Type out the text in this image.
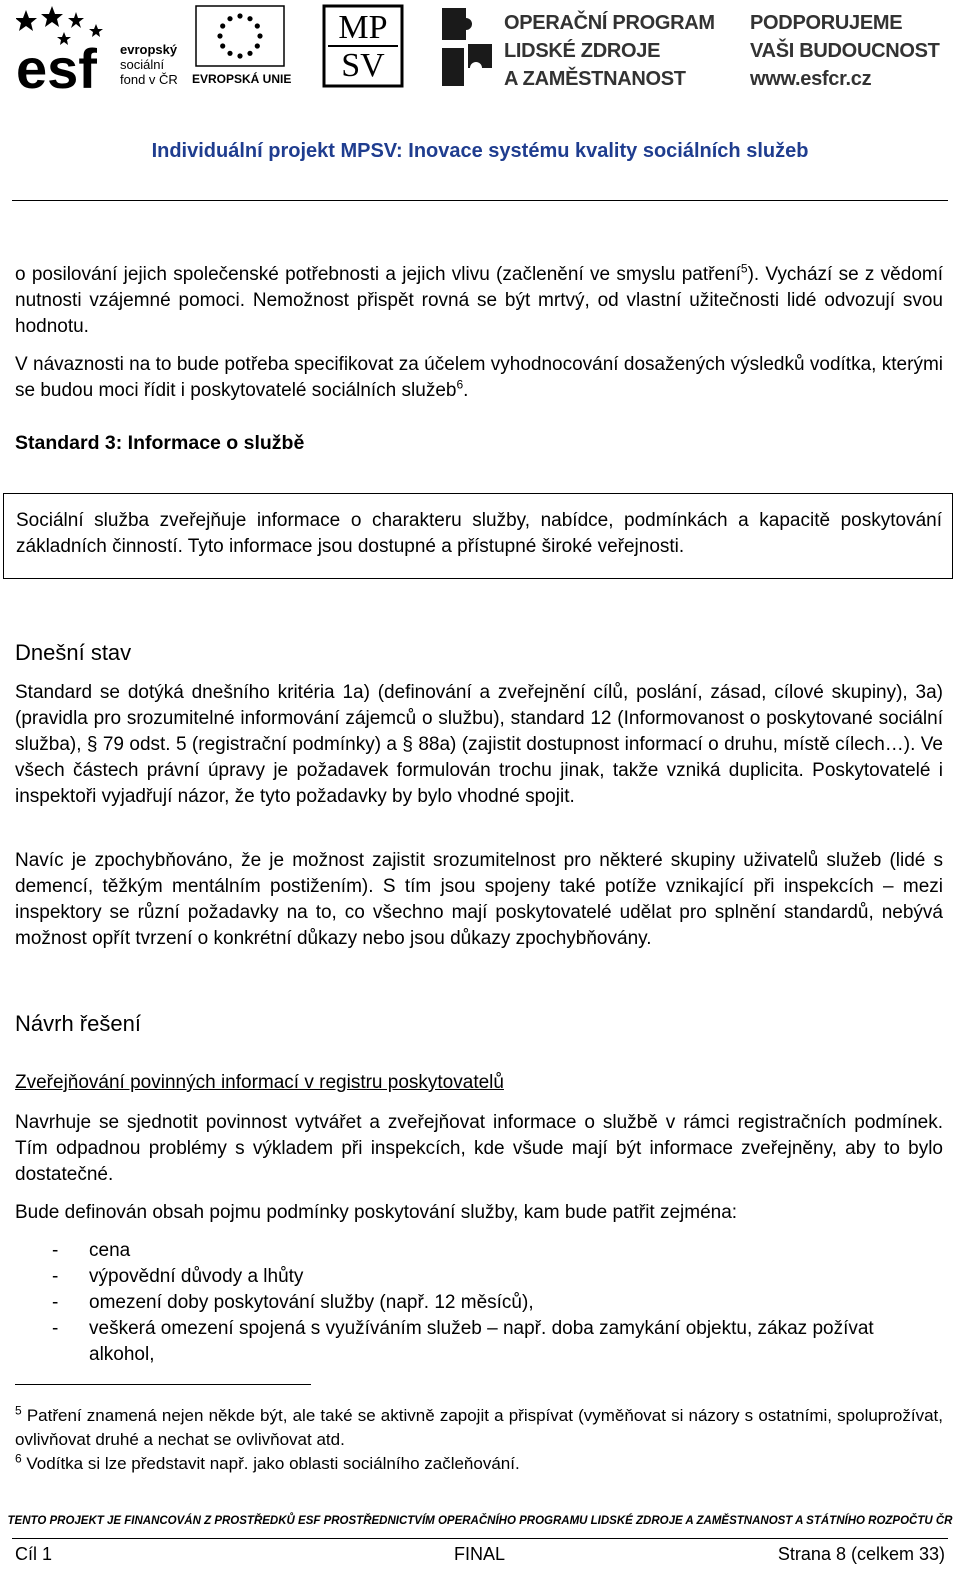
esf evropský
sociální
fond v ČR EVROPSKÁ UNIE
MP
SV
OPERAČNÍ PROGRAM
LIDSKÉ ZDROJE
A ZAMĚSTNANOST
PODPORUJEME
VAŠI BUDOUCNOST
www.esfcr.cz
Individuální projekt MPSV: Inovace systému kvality sociálních služeb
o posilování jejich společenské potřebnosti a jejich vlivu (začlenění ve smyslu patření$^5$). Vychází se z vědomí nutnosti vzájemné pomoci. Nemožnost přispět rovná se být mrtvý, od vlastní užitečnosti lidé odvozují svou hodnotu.
V návaznosti na to bude potřeba specifikovat za účelem vyhodnocování dosažených výsledků vodítka, kterými se budou moci řídit i poskytovatelé sociálních služeb$^6$.
Standard 3: Informace o službě
Sociální služba zveřejňuje informace o charakteru služby, nabídce, podmínkách a kapacitě poskytování základních činností. Tyto informace jsou dostupné a přístupné široké veřejnosti.
Dnešní stav
Standard se dotýká dnešního kritéria 1a) (definování a zveřejnění cílů, poslání, zásad, cílové skupiny), 3a) (pravidla pro srozumitelné informování zájemců o službu), standard 12 (Informovanost o poskytované sociální služba), § 79 odst. 5 (registrační podmínky) a § 88a) (zajistit dostupnost informací o druhu, místě cílech…). Ve všech částech právní úpravy je požadavek formulován trochu jinak, takže vzniká duplicita. Poskytovatelé i inspektoři vyjadřují názor, že tyto požadavky by bylo vhodné spojit.
Navíc je zpochybňováno, že je možnost zajistit srozumitelnost pro některé skupiny uživatelů služeb (lidé s demencí, těžkým mentálním postižením). S tím jsou spojeny také potíže vznikající při inspekcích – mezi inspektory se různí požadavky na to, co všechno mají poskytovatelé udělat pro splnění standardů, nebývá možnost opřít tvrzení o konkrétní důkazy nebo jsou důkazy zpochybňovány.
Návrh řešení
Zveřejňování povinných informací v registru poskytovatelů
Navrhuje se sjednotit povinnost vytvářet a zveřejňovat informace o službě v rámci registračních podmínek. Tím odpadnou problémy s výkladem při inspekcích, kde všude mají být informace zveřejněny, aby to bylo dostatečné.
Bude definován obsah pojmu podmínky poskytování služby, kam bude patřit zejména:
- cena
- výpovědní důvody a lhůty
- omezení doby poskytování služby (např. 12 měsíců),
- veškerá omezení spojená s využíváním služeb – např. doba zamykání objektu, zákaz požívat alkohol,
$^5$ Patření znamená nejen někde být, ale také se aktivně zapojit a přispívat (vyměňovat si názory s ostatními, spoluprožívat, ovlivňovat druhé a nechat se ovlivňovat atd.
$^6$ Vodítka si lze představit např. jako oblasti sociálního začleňování.
TENTO PROJEKT JE FINANCOVÁN Z PROSTŘEDKŮ ESF PROSTŘEDNICTVÍM OPERAČNÍHO PROGRAMU LIDSKÉ ZDROJE A ZAMĚSTNANOST A STÁTNÍHO ROZPOČTU ČR
Cíl 1	FINAL	Strana 8 (celkem 33)
